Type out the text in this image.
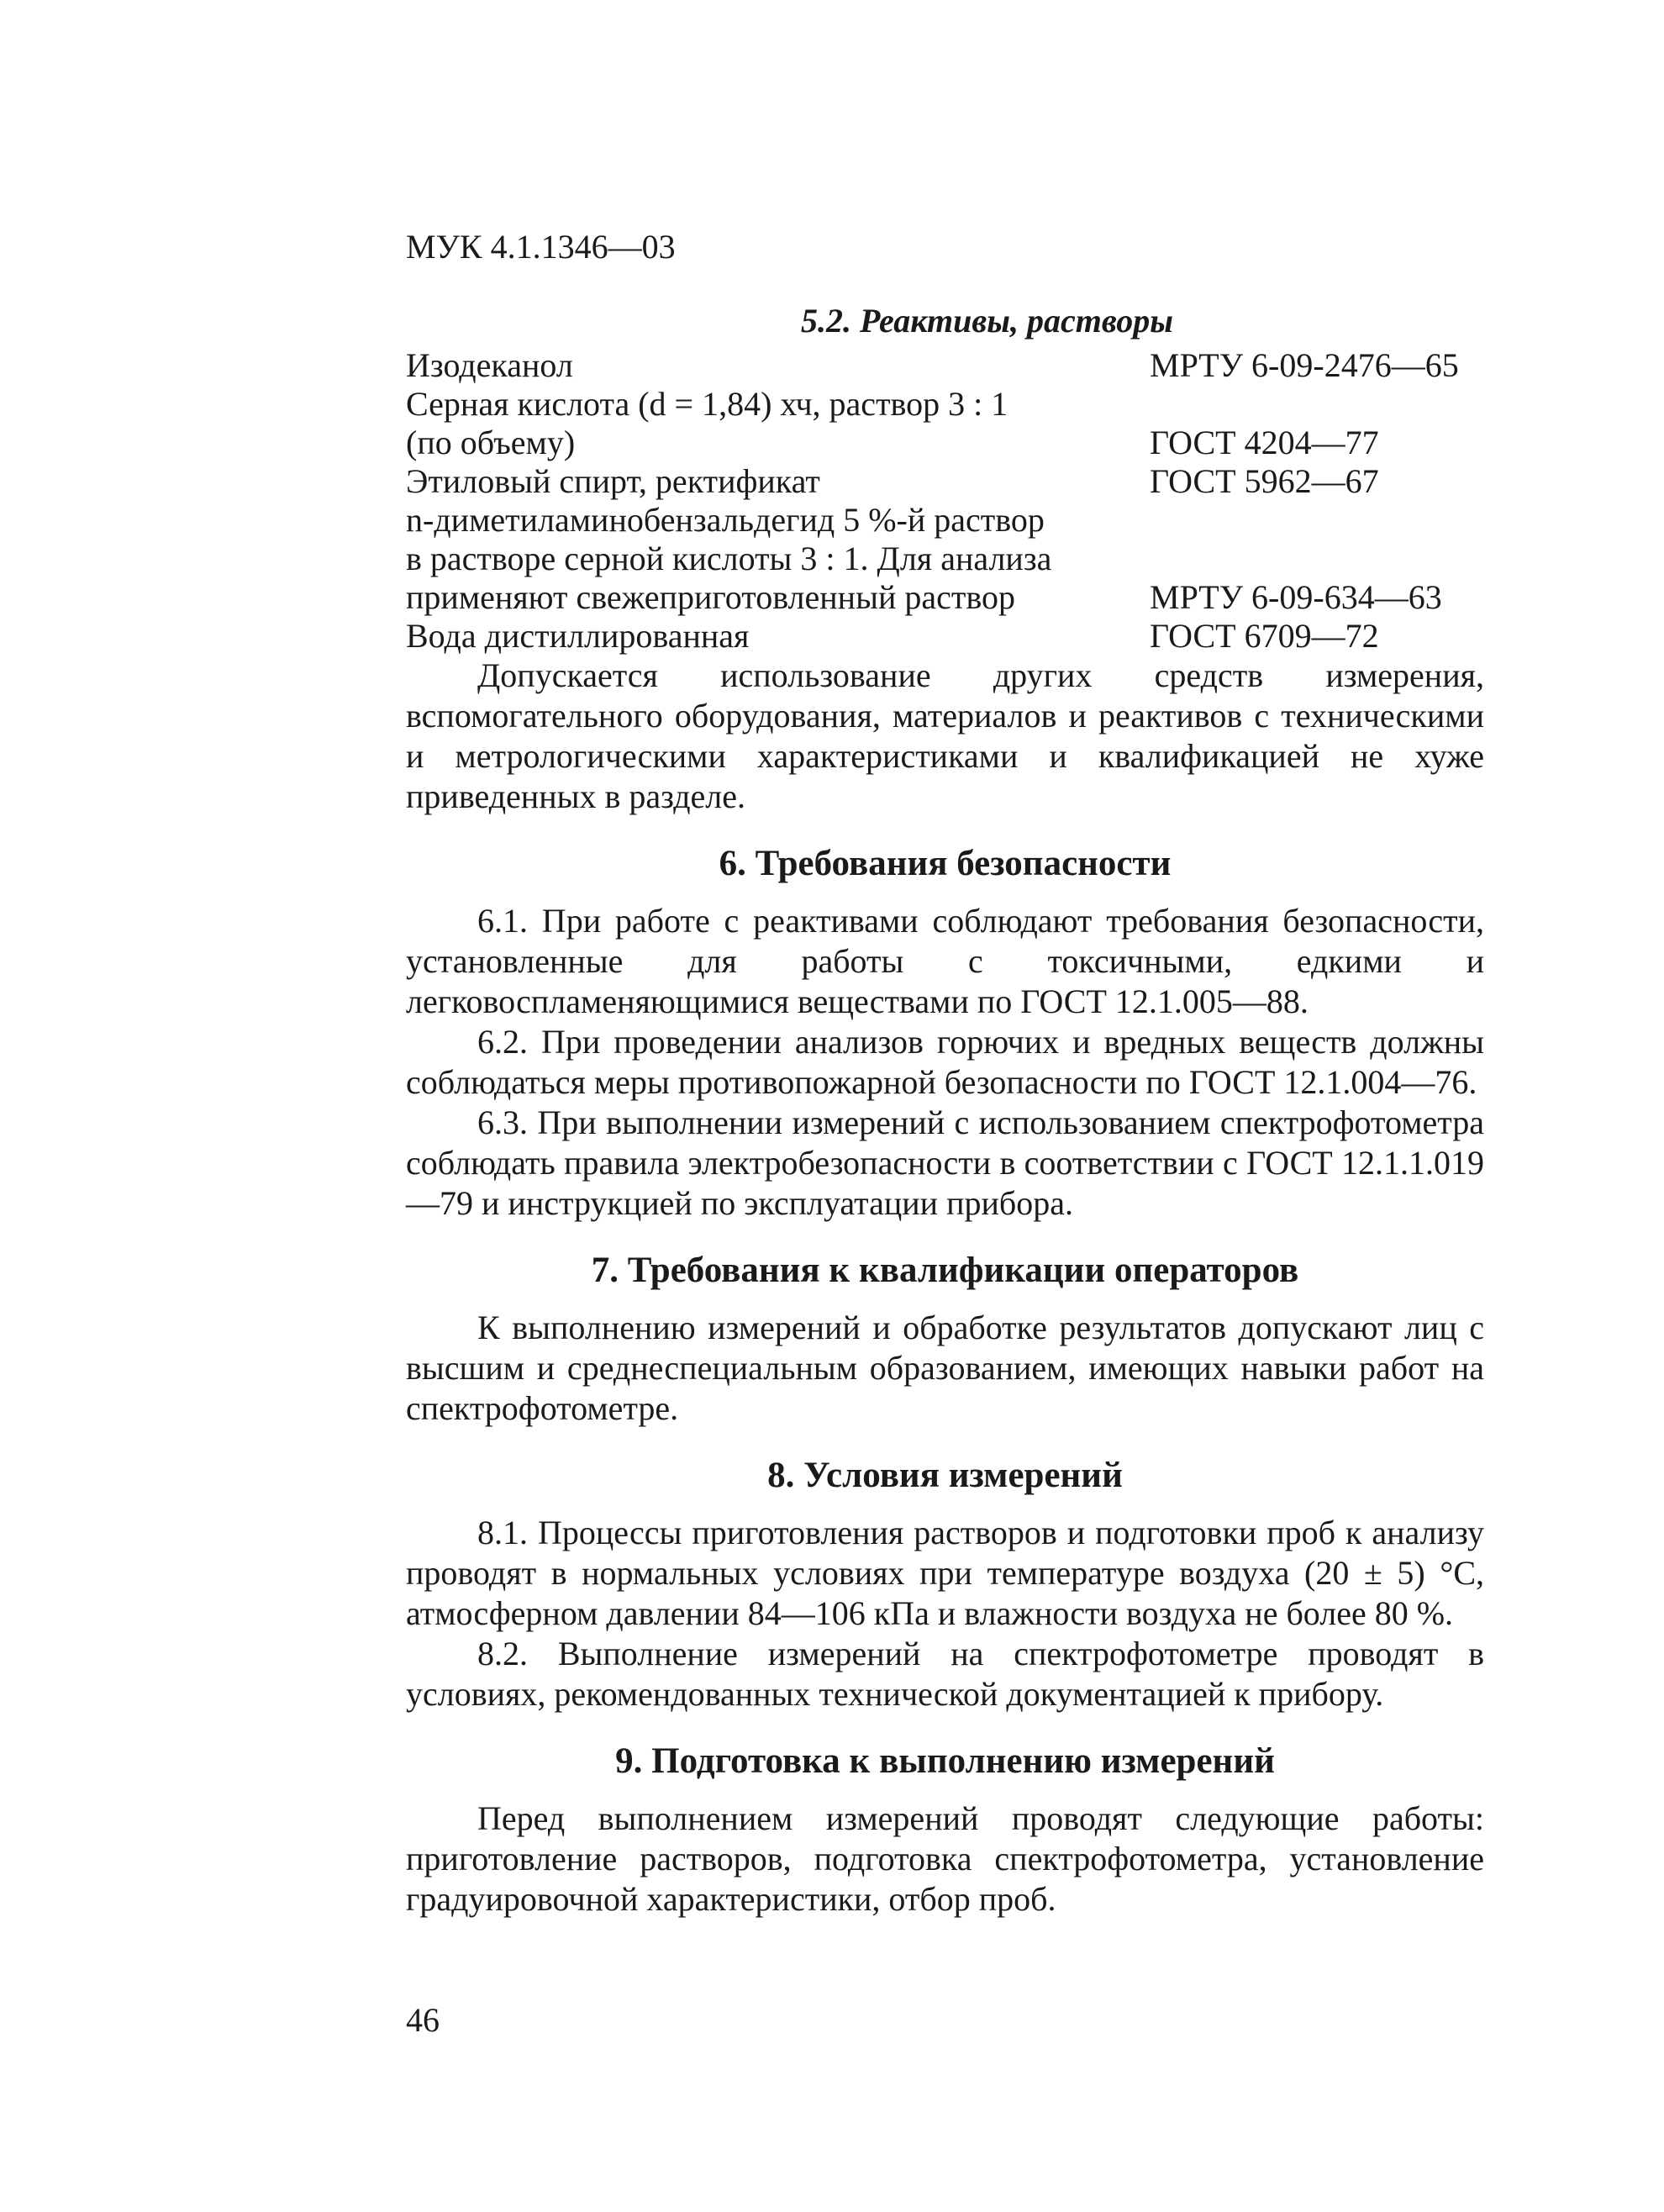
МУК 4.1.1346—03
5.2. Реактивы, растворы
Изодеканол	МРТУ 6-09-2476—65
Серная кислота (d = 1,84) хч, раствор 3 : 1	
(по объему)	ГОСТ 4204—77
Этиловый спирт, ректификат	ГОСТ 5962—67
n-диметиламинобензальдегид 5 %-й раствор	
в растворе серной кислоты 3 : 1. Для анализа	
применяют свежеприготовленный раствор	МРТУ 6-09-634—63
Вода дистиллированная	ГОСТ 6709—72

Допускается использование других средств измерения, вспомогательного оборудования, материалов и реактивов с техническими и метрологическими характеристиками и квалификацией не хуже приведенных в разделе.

6. Требования безопасности

6.1. При работе с реактивами соблюдают требования безопасности, установленные для работы с токсичными, едкими и легковоспламеняющимися веществами по ГОСТ 12.1.005—88.

6.2. При проведении анализов горючих и вредных веществ должны соблюдаться меры противопожарной безопасности по ГОСТ 12.1.004—76.

6.3. При выполнении измерений с использованием спектрофотометра соблюдать правила электробезопасности в соответствии с ГОСТ 12.1.1.019—79 и инструкцией по эксплуатации прибора.

7. Требования к квалификации операторов

К выполнению измерений и обработке результатов допускают лиц с высшим и среднеспециальным образованием, имеющих навыки работ на спектрофотометре.

8. Условия измерений

8.1. Процессы приготовления растворов и подготовки проб к анализу проводят в нормальных условиях при температуре воздуха (20 ± 5) °С, атмосферном давлении 84—106 кПа и влажности воздуха не более 80 %.

8.2. Выполнение измерений на спектрофотометре проводят в условиях, рекомендованных технической документацией к прибору.

9. Подготовка к выполнению измерений

Перед выполнением измерений проводят следующие работы: приготовление растворов, подготовка спектрофотометра, установление градуировочной характеристики, отбор проб.

46
